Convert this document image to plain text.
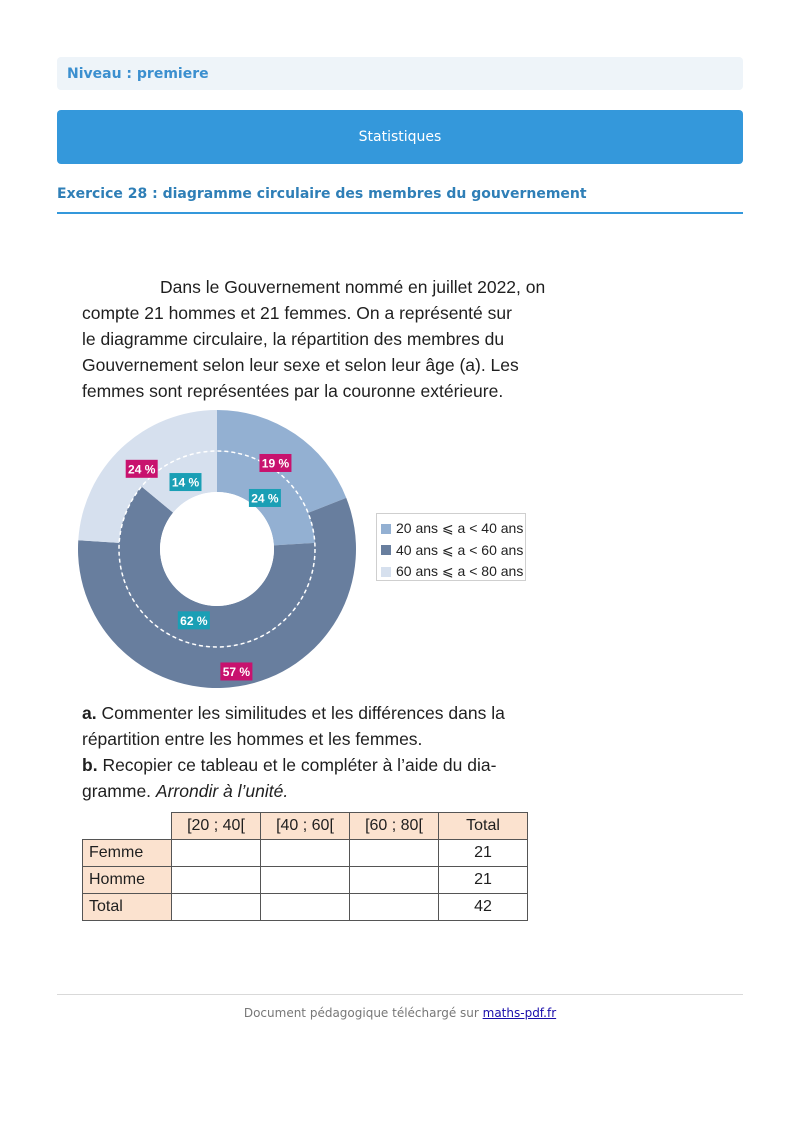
Niveau : premiere
Statistiques
Exercice 28 : diagramme circulaire des membres du gouvernement

Dans le Gouvernement nommé en juillet 2022, on

compte 21 hommes et 21 femmes. On a représenté sur

le diagramme circulaire, la répartition des membres du

Gouvernement selon leur sexe et selon leur âge (a). Les

femmes sont représentées par la couronne extérieure.

19 %
57 %
24 %
24 %
62 %
14 %
20 ans ⩽ a < 40 ans
40 ans ⩽ a < 60 ans
60 ans ⩽ a < 80 ans

a. Commenter les similitudes et les différences dans la

répartition entre les hommes et les femmes.

b. Recopier ce tableau et le compléter à l’aide du dia-

gramme. Arrondir à l’unité.

	[20 ; 40[	[40 ; 60[	[60 ; 80[	Total
Femme				21
Homme				21
Total				42
Document pédagogique téléchargé sur maths-pdf.fr
